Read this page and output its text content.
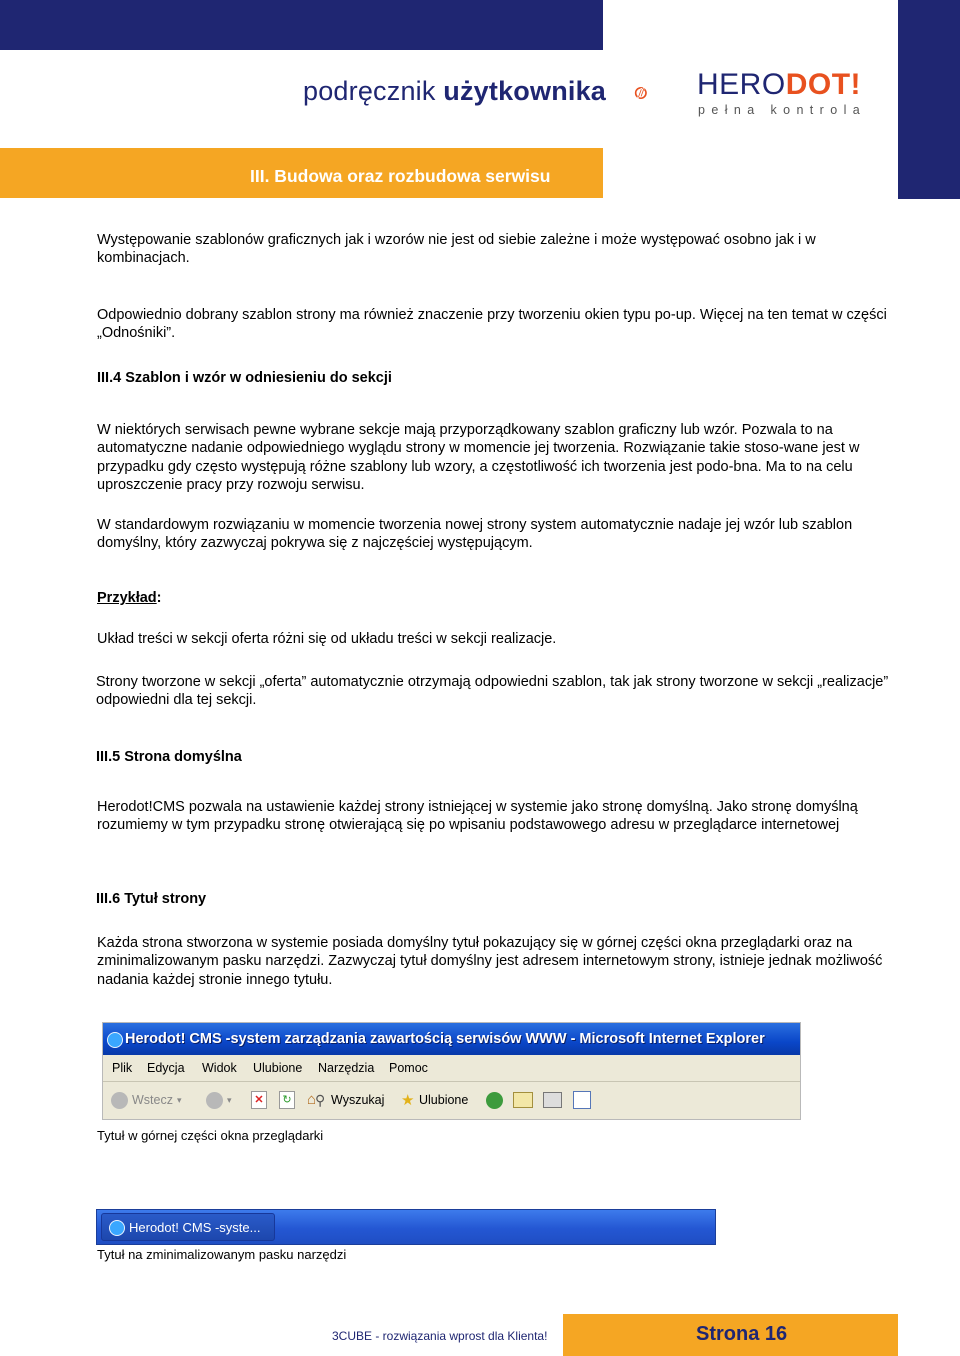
podręcznik użytkownika	HERODOT!
pełna kontrola
III. Budowa oraz rozbudowa serwisu
Występowanie szablonów graficznych jak i wzorów nie jest od siebie zależne i może występować osobno jak i w kombinacjach.
Odpowiednio dobrany szablon strony ma również znaczenie przy tworzeniu okien typu po-up. Więcej na ten temat w części „Odnośniki”.
III.4 Szablon i wzór w odniesieniu do sekcji
W niektórych serwisach pewne wybrane sekcje mają przyporządkowany szablon graficzny lub wzór. Pozwala to na automatyczne nadanie odpowiedniego wyglądu strony w momencie jej tworzenia. Rozwiązanie takie stoso-wane jest w przypadku gdy często występują różne szablony lub wzory, a częstotliwość ich tworzenia jest podo-bna. Ma to na celu uproszczenie pracy przy rozwoju serwisu.
W standardowym rozwiązaniu w momencie tworzenia nowej strony system automatycznie nadaje jej wzór lub szablon domyślny, który zazwyczaj pokrywa się z najczęściej występującym.
Przykład:
Układ treści w sekcji oferta różni się od układu treści w sekcji realizacje.
Strony tworzone w sekcji „oferta” automatycznie otrzymają odpowiedni szablon, tak jak strony tworzone w sekcji „realizacje” odpowiedni dla tej sekcji.
III.5 Strona domyślna
Herodot!CMS pozwala na ustawienie każdej strony istniejącej w systemie jako stronę domyślną. Jako stronę domyślną rozumiemy w tym przypadku stronę otwierającą się po wpisaniu podstawowego adresu w przeglądarce internetowej
III.6 Tytuł strony
Każda strona stworzona w systemie posiada domyślny tytuł pokazujący się w górnej części okna przeglądarki oraz na zminimalizowanym pasku narzędzi. Zazwyczaj tytuł domyślny jest adresem internetowym strony, istnieje jednak możliwość nadania każdej stronie innego tytułu.
Herodot! CMS -system zarządzania zawartością serwisów WWW - Microsoft Internet Explorer
Plik Edycja Widok Ulubione Narzędzia Pomoc
Wstecz ▾	▾	✕	↻ ⌂
⚲ Wyszukaj ★ Ulubione
Tytuł w górnej części okna przeglądarki
Herodot! CMS -syste...
Tytuł na zminimalizowanym pasku narzędzi
3CUBE - rozwiązania wprost dla Klienta!	Strona 16
